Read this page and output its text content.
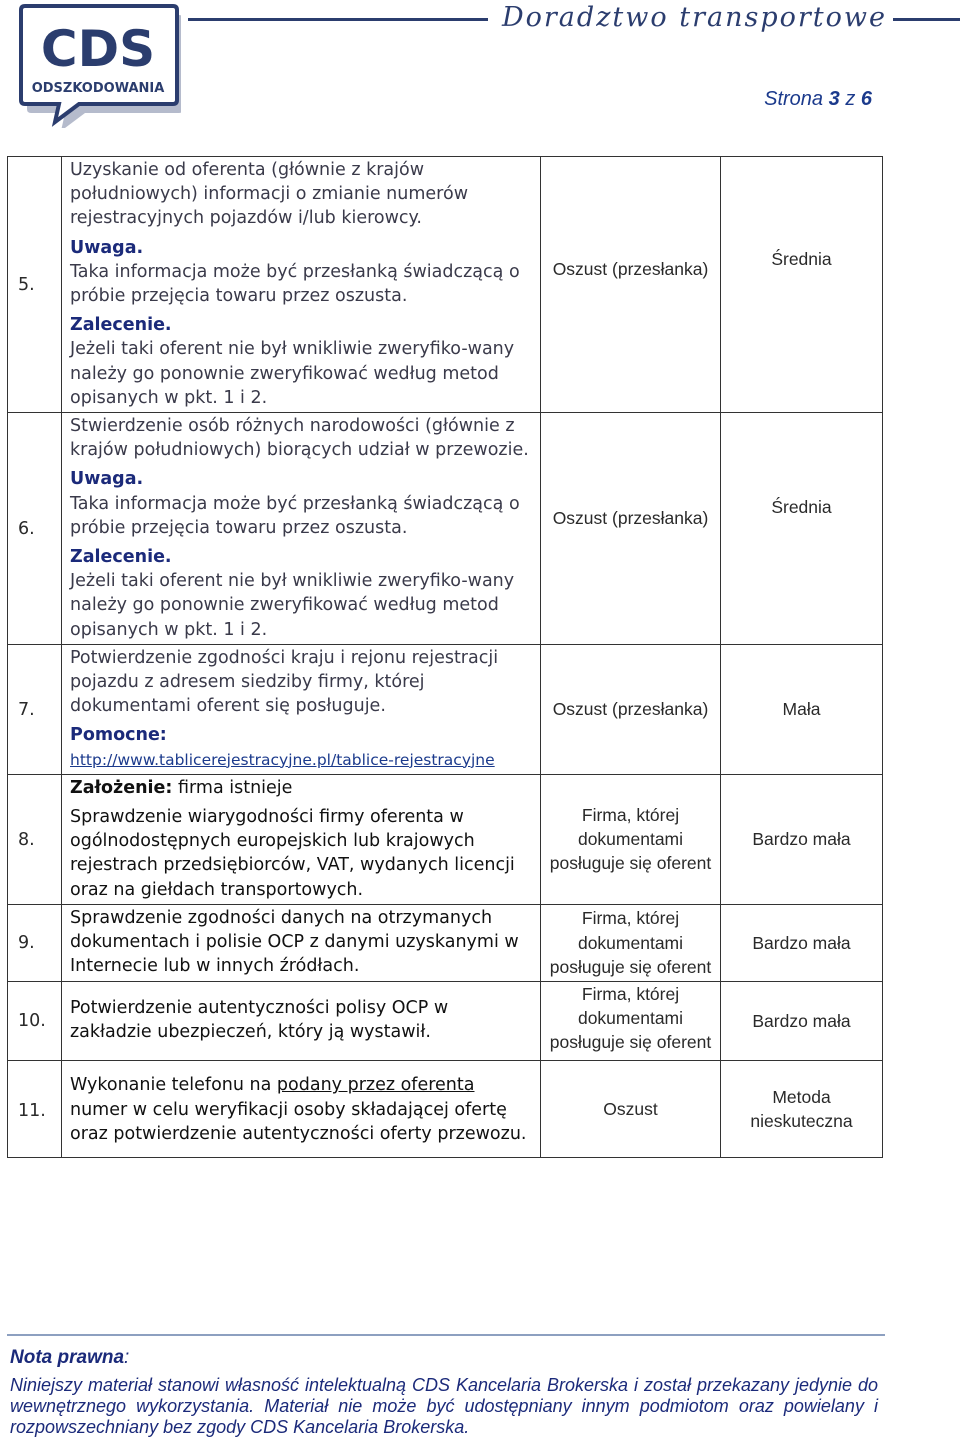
CDS
ODSZKODOWANIA
Doradztwo transportowe
Strona 3 z 6
5.	Uzyskanie od oferenta (głównie z krajów południowych) informacji o zmianie numerów rejestracyjnych pojazdów i/lub kierowcy.
Uwaga.
Taka informacja może być przesłanką świadczącą o próbie przejęcia towaru przez oszusta.
Zalecenie.
Jeżeli taki oferent nie był wnikliwie zweryfiko-wany należy go ponownie zweryfikować według metod opisanych w pkt. 1 i 2.	Oszust (przesłanka)	Średnia
6.	Stwierdzenie osób różnych narodowości (głównie z krajów południowych) biorących udział w przewozie.
Uwaga.
Taka informacja może być przesłanką świadczącą o próbie przejęcia towaru przez oszusta.
Zalecenie.
Jeżeli taki oferent nie był wnikliwie zweryfiko-wany należy go ponownie zweryfikować według metod opisanych w pkt. 1 i 2.	Oszust (przesłanka)	Średnia
7.	Potwierdzenie zgodności kraju i rejonu rejestracji pojazdu z adresem siedziby firmy, której dokumentami oferent się posługuje.
Pomocne:
http://www.tablicerejestracyjne.pl/tablice-rejestracyjne	Oszust (przesłanka)	Mała
8.	Założenie: firma istnieje
Sprawdzenie wiarygodności firmy oferenta w ogólnodostępnych europejskich lub krajowych rejestrach przedsiębiorców, VAT, wydanych licencji oraz na giełdach transportowych.	Firma, której dokumentami posługuje się oferent	Bardzo mała
9.	Sprawdzenie zgodności danych na otrzymanych dokumentach i polisie OCP z danymi uzyskanymi w Internecie lub w innych źródłach.	Firma, której dokumentami posługuje się oferent	Bardzo mała
10.	Potwierdzenie autentyczności polisy OCP w zakładzie ubezpieczeń, który ją wystawił.	Firma, której dokumentami posługuje się oferent	Bardzo mała
11.	Wykonanie telefonu na podany przez oferenta numer w celu weryfikacji osoby składającej ofertę oraz potwierdzenie autentyczności oferty przewozu.	Oszust	Metoda nieskuteczna
Nota prawna:
Niniejszy materiał stanowi własność intelektualną CDS Kancelaria Brokerska i został przekazany jedynie do wewnętrznego wykorzystania. Materiał nie może być udostępniany innym podmiotom oraz powielany i rozpowszechniany bez zgody CDS Kancelaria Brokerska.
